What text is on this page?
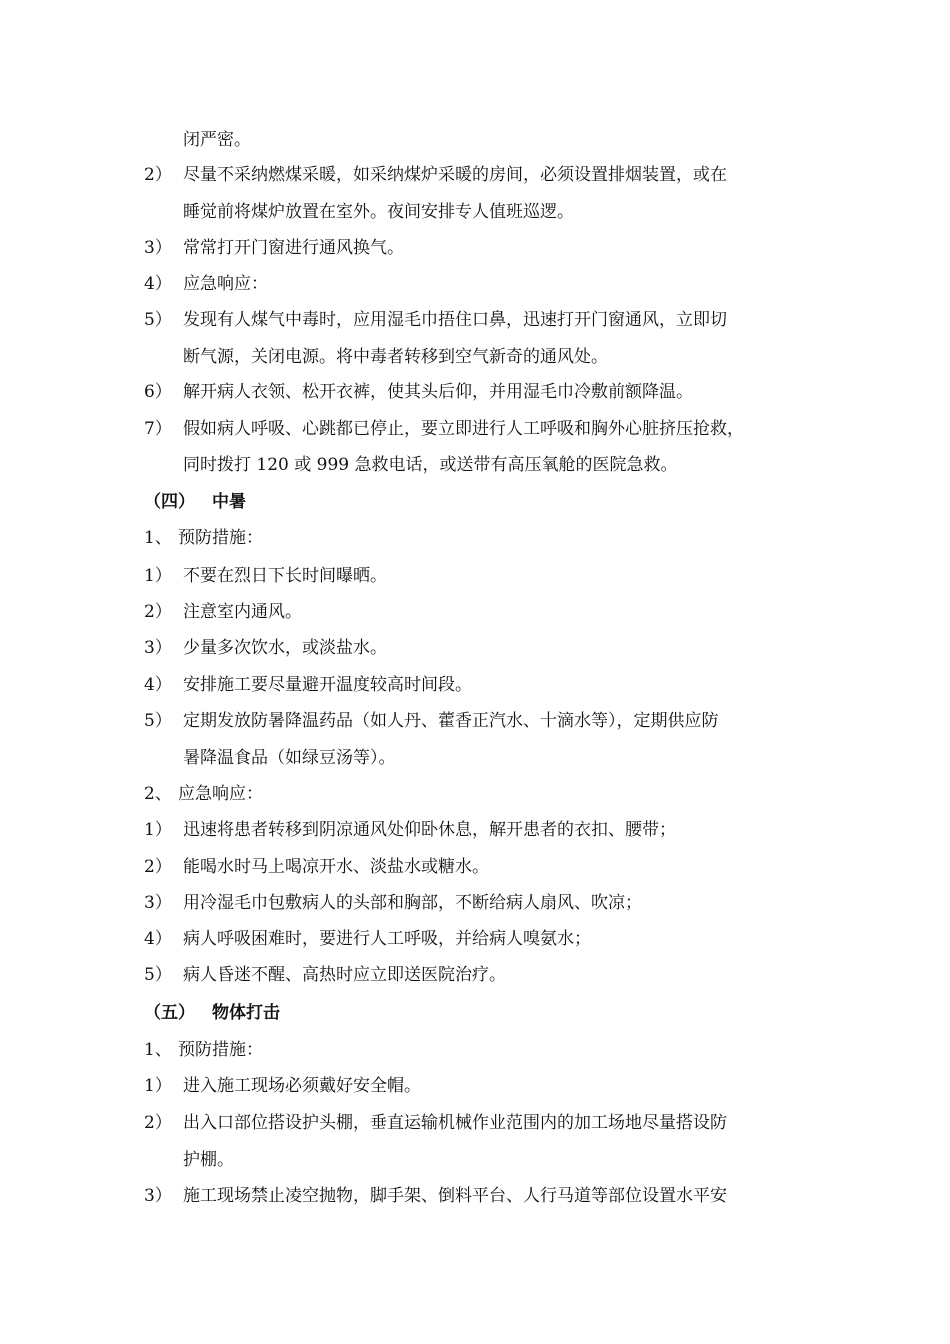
闭严密。
2） 尽量不采纳燃煤采暖，如采纳煤炉采暖的房间，必须设置排烟装置，或在
睡觉前将煤炉放置在室外。夜间安排专人值班巡逻。
3） 常常打开门窗进行通风换气。
4） 应急响应：
5） 发现有人煤气中毒时，应用湿毛巾捂住口鼻，迅速打开门窗通风，立即切
断气源，关闭电源。将中毒者转移到空气新奇的通风处。
6） 解开病人衣领、松开衣裤，使其头后仰，并用湿毛巾冷敷前额降温。
7） 假如病人呼吸、心跳都已停止，要立即进行人工呼吸和胸外心脏挤压抢救，
同时拨打 120 或 999 急救电话，或送带有高压氧舱的医院急救。
（四） 中暑
1、 预防措施：
1） 不要在烈日下长时间曝晒。
2） 注意室内通风。
3） 少量多次饮水，或淡盐水。
4） 安排施工要尽量避开温度较高时间段。
5） 定期发放防暑降温药品（如人丹、藿香正汽水、十滴水等），定期供应防
暑降温食品（如绿豆汤等）。
2、 应急响应：
1） 迅速将患者转移到阴凉通风处仰卧休息，解开患者的衣扣、腰带；
2） 能喝水时马上喝凉开水、淡盐水或糖水。
3） 用冷湿毛巾包敷病人的头部和胸部，不断给病人扇风、吹凉；
4） 病人呼吸困难时，要进行人工呼吸，并给病人嗅氨水；
5） 病人昏迷不醒、高热时应立即送医院治疗。
（五） 物体打击
1、 预防措施：
1） 进入施工现场必须戴好安全帽。
2） 出入口部位搭设护头棚，垂直运输机械作业范围内的加工场地尽量搭设防
护棚。
3） 施工现场禁止凌空抛物，脚手架、倒料平台、人行马道等部位设置水平安
